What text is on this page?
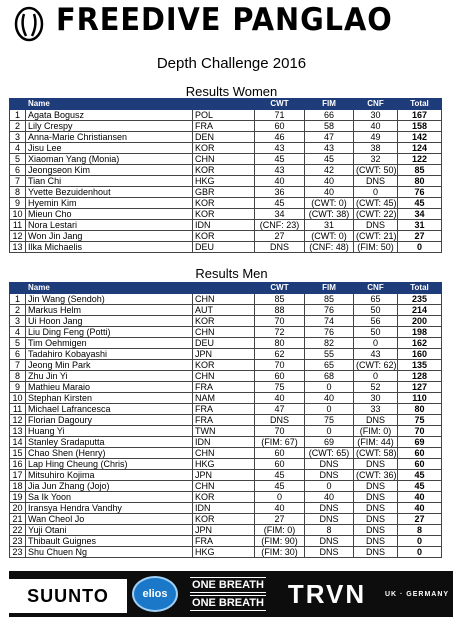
FREEDIVE PANGLAO
Depth Challenge 2016
Results Women
	Name		CWT	FIM	CNF	Total
1	Agata Bogusz	POL	71	66	30	167
2	Lily Crespy	FRA	60	58	40	158
3	Anna-Marie Christiansen	DEN	46	47	49	142
4	Jisu Lee	KOR	43	43	38	124
5	Xiaoman Yang (Monia)	CHN	45	45	32	122
6	Jeongseon Kim	KOR	43	42	(CWT: 50)	85
7	Tian Chi	HKG	40	40	DNS	80
8	Yvette Bezuidenhout	GBR	36	40	0	76
9	Hyemin Kim	KOR	45	(CWT: 0)	(CWT: 45)	45
10	Mieun Cho	KOR	34	(CWT: 38)	(CWT: 22)	34
11	Nora Lestari	IDN	(CNF: 23)	31	DNS	31
12	Won Jin Jang	KOR	27	(CWT: 0)	(CWT: 21)	27
13	Ilka Michaelis	DEU	DNS	(CNF: 48)	(FIM: 50)	0
Results Men
	Name		CWT	FIM	CNF	Total
1	Jin Wang (Sendoh)	CHN	85	85	65	235
2	Markus Helm	AUT	88	76	50	214
3	Ui Hoon Jang	KOR	70	74	56	200
4	Liu Ding Feng (Potti)	CHN	72	76	50	198
5	Tim Oehmigen	DEU	80	82	0	162
6	Tadahiro Kobayashi	JPN	62	55	43	160
7	Jeong Min Park	KOR	70	65	(CWT: 62)	135
8	Zhu Jin Yi	CHN	60	68	0	128
9	Mathieu Maraio	FRA	75	0	52	127
10	Stephan Kirsten	NAM	40	40	30	110
11	Michael Lafrancesca	FRA	47	0	33	80
12	Florian Dagoury	FRA	DNS	75	DNS	75
13	Huang Yi	TWN	70	0	(FIM: 0)	70
14	Stanley Sradaputta	IDN	(FIM: 67)	69	(FIM: 44)	69
15	Chao Shen (Henry)	CHN	60	(CWT: 65)	(CWT: 58)	60
16	Lap Hing Cheung (Chris)	HKG	60	DNS	DNS	60
17	Mitsuhiro Kojima	JPN	45	DNS	(CWT: 36)	45
18	Jia Jun Zhang (Jojo)	CHN	45	0	DNS	45
19	Sa Ik Yoon	KOR	0	40	DNS	40
20	Iransya Hendra Vandhy	IDN	40	DNS	DNS	40
21	Wan Cheol Jo	KOR	27	DNS	DNS	27
22	Yuji Otani	JPN	(FIM: 0)	8	DNS	8
23	Thibault Guignes	FRA	(FIM: 90)	DNS	DNS	0
23	Shu Chuen Ng	HKG	(FIM: 30)	DNS	DNS	0
SUUNTO	elios
ONE BREATH
ONE BREATH TRVN	UK · GERMANY
